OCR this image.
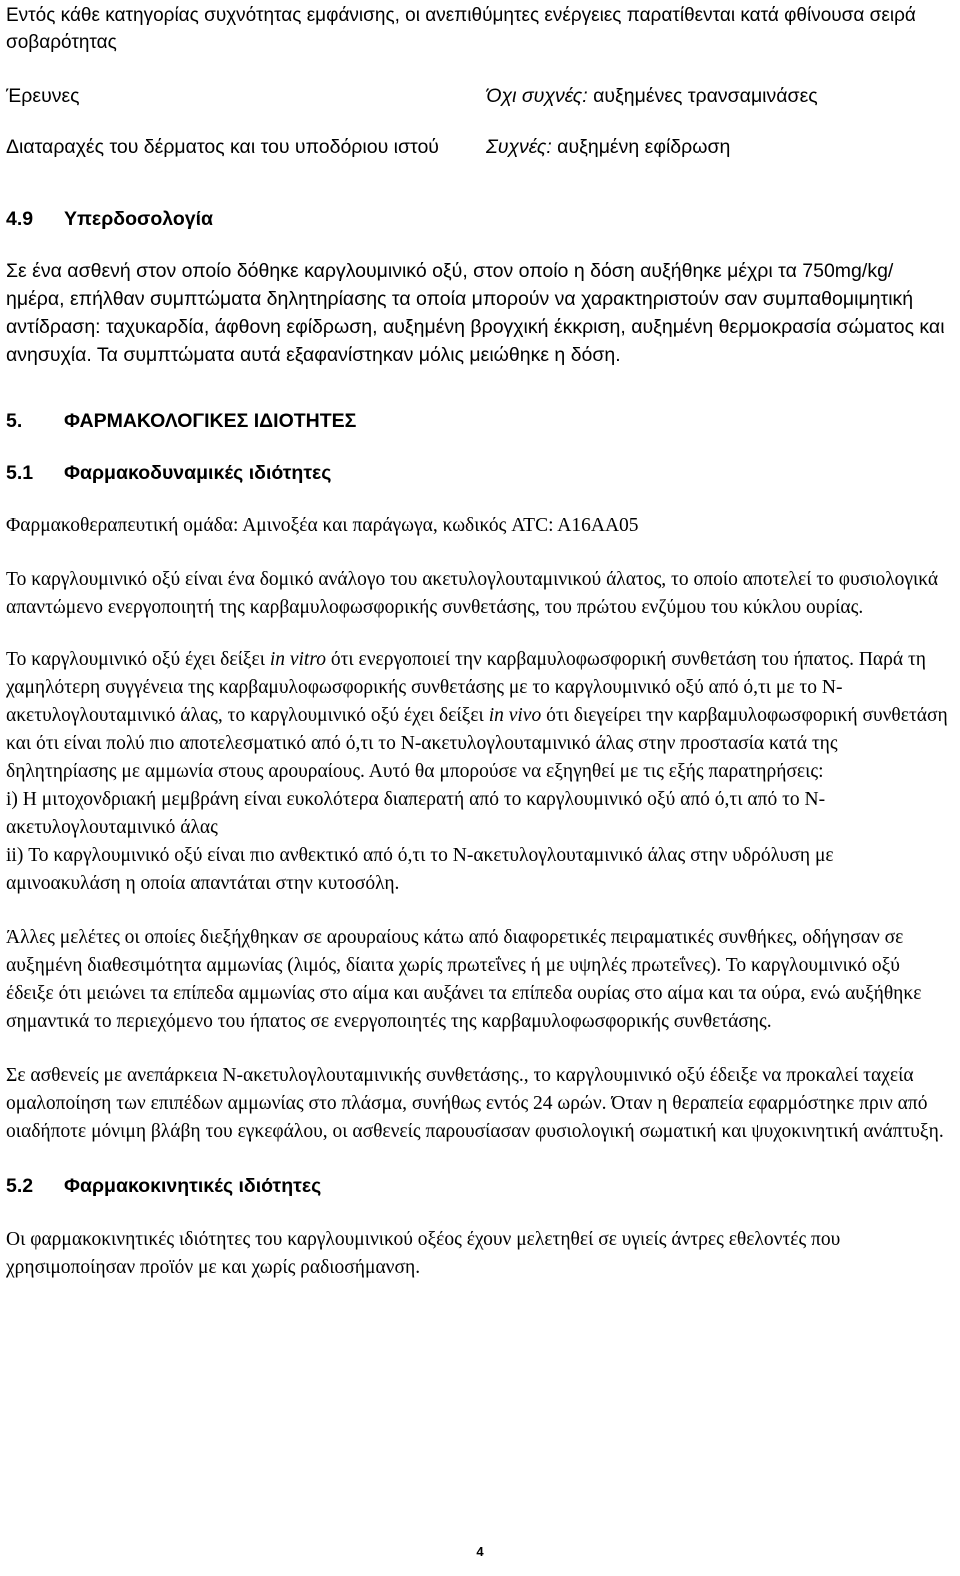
Εντός κάθε κατηγορίας συχνότητας εμφάνισης, οι ανεπιθύμητες ενέργειες παρατίθενται κατά φθίνουσα σειρά σοβαρότητας

Έρευνες	Όχι συχνές: αυξημένες τρανσαμινάσες
Διαταραχές του δέρματος και του υποδόριου ιστού	Συχνές: αυξημένη εφίδρωση
4.9	Υπερδοσολογία

Σε ένα ασθενή στον οποίο δόθηκε καργλουμινικό οξύ, στον οποίο η δόση αυξήθηκε μέχρι τα 750mg/kg/ημέρα, επήλθαν συμπτώματα δηλητηρίασης τα οποία μπορούν να χαρακτηριστούν σαν συμπαθομιμητική αντίδραση: ταχυκαρδία, άφθονη εφίδρωση, αυξημένη βρογχική έκκριση, αυξημένη θερμοκρασία σώματος και ανησυχία. Τα συμπτώματα αυτά εξαφανίστηκαν μόλις μειώθηκε η δόση.

5.	ΦΑΡΜΑΚΟΛΟΓΙΚΕΣ ΙΔΙΟΤΗΤΕΣ
5.1	Φαρμακοδυναμικές ιδιότητες

Φαρμακοθεραπευτική ομάδα: Αμινοξέα και παράγωγα, κωδικός ATC: A16AA05

Το καργλουμινικό οξύ είναι ένα δομικό ανάλογο του ακετυλογλουταμινικού άλατος, το οποίο αποτελεί το φυσιολογικά απαντώμενο ενεργοποιητή της καρβαμυλοφωσφορικής συνθετάσης, του πρώτου ενζύμου του κύκλου ουρίας.

Το καργλουμινικό οξύ έχει δείξει in vitro ότι ενεργοποιεί την καρβαμυλοφωσφορική συνθετάση του ήπατος. Παρά τη χαμηλότερη συγγένεια της καρβαμυλοφωσφορικής συνθετάσης με το καργλουμινικό οξύ από ό,τι με το N-ακετυλογλουταμινικό άλας, το καργλουμινικό οξύ έχει δείξει in vivo ότι διεγείρει την καρβαμυλοφωσφορική συνθετάση και ότι είναι πολύ πιο αποτελεσματικό από ό,τι το N-ακετυλογλουταμινικό άλας στην προστασία κατά της δηλητηρίασης με αμμωνία στους αρουραίους. Αυτό θα μπορούσε να εξηγηθεί με τις εξής παρατηρήσεις:

i) Η μιτοχονδριακή μεμβράνη είναι ευκολότερα διαπερατή από το καργλουμινικό οξύ από ό,τι από το N-ακετυλογλουταμινικό άλας

ii) Το καργλουμινικό οξύ είναι πιο ανθεκτικό από ό,τι το N-ακετυλογλουταμινικό άλας στην υδρόλυση με αμινοακυλάση η οποία απαντάται στην κυτοσόλη.

Άλλες μελέτες οι οποίες διεξήχθηκαν σε αρουραίους κάτω από διαφορετικές πειραματικές συνθήκες, οδήγησαν σε αυξημένη διαθεσιμότητα αμμωνίας (λιμός, δίαιτα χωρίς πρωτεΐνες ή με υψηλές πρωτεΐνες). Το καργλουμινικό οξύ έδειξε ότι μειώνει τα επίπεδα αμμωνίας στο αίμα και αυξάνει τα επίπεδα ουρίας στο αίμα και τα ούρα, ενώ αυξήθηκε σημαντικά το περιεχόμενο του ήπατος σε ενεργοποιητές της καρβαμυλοφωσφορικής συνθετάσης.

Σε ασθενείς με ανεπάρκεια N-ακετυλογλουταμινικής συνθετάσης., το καργλουμινικό οξύ έδειξε να προκαλεί ταχεία ομαλοποίηση των επιπέδων αμμωνίας στο πλάσμα, συνήθως εντός 24 ωρών. Όταν η θεραπεία εφαρμόστηκε πριν από οιαδήποτε μόνιμη βλάβη του εγκεφάλου, οι ασθενείς παρουσίασαν φυσιολογική σωματική και ψυχοκινητική ανάπτυξη.

5.2	Φαρμακοκινητικές ιδιότητες

Οι φαρμακοκινητικές ιδιότητες του καργλουμινικού οξέος έχουν μελετηθεί σε υγιείς άντρες εθελοντές που χρησιμοποίησαν προϊόν με και χωρίς ραδιοσήμανση.

4
